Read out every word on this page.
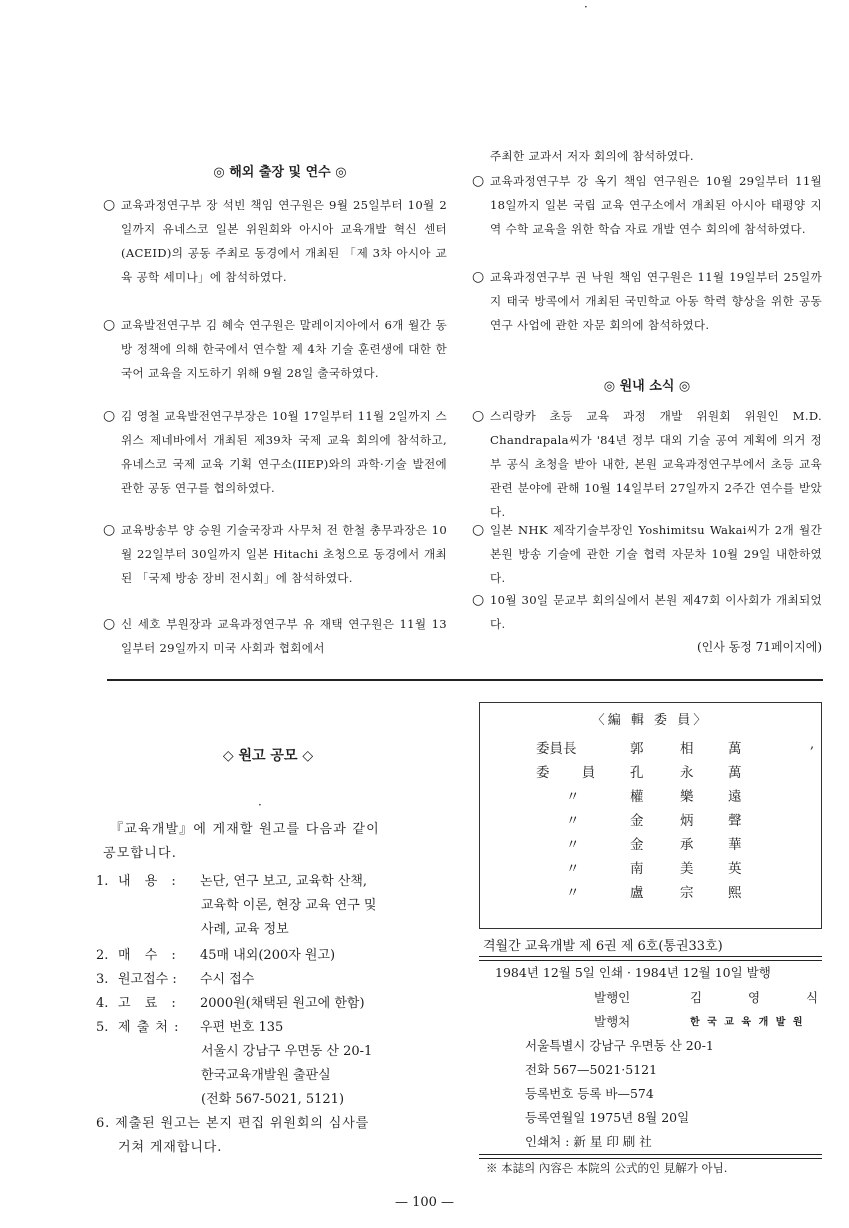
·
◎ 해외 출장 및 연수 ◎
○ 교육과정연구부 장 석빈 책임 연구원은 9월 25일부터 10월 2일까지 유네스코 일본 위원회와 아시아 교육개발 혁신 센터 (ACEID)의 공동 주최로 동경에서 개최된 「제 3차 아시아 교육 공학 세미나」에 참석하였다.
○ 교육발전연구부 김 혜숙 연구원은 말레이지아에서 6개 월간 동방 정책에 의해 한국에서 연수할 제 4차 기술 훈련생에 대한 한국어 교육을 지도하기 위해 9월 28일 출국하였다.
○ 김 영철 교육발전연구부장은 10월 17일부터 11월 2일까지 스위스 제네바에서 개최된 제39차 국제 교육 회의에 참석하고, 유네스코 국제 교육 기획 연구소(IIEP)와의 과학·기술 발전에 관한 공동 연구를 협의하였다.
○ 교육방송부 양 승원 기술국장과 사무처 전 한철 총무과장은 10월 22일부터 30일까지 일본 Hitachi 초청으로 동경에서 개최된 「국제 방송 장비 전시회」에 참석하였다.
○ 신 세호 부원장과 교육과정연구부 유 재택 연구원은 11월 13일부터 29일까지 미국 사회과 협회에서
주최한 교과서 저자 회의에 참석하였다.
○ 교육과정연구부 강 옥기 책임 연구원은 10월 29일부터 11월 18일까지 일본 국립 교육 연구소에서 개최된 아시아 태평양 지역 수학 교육을 위한 학습 자료 개발 연수 회의에 참석하였다.
○ 교육과정연구부 권 낙원 책임 연구원은 11월 19일부터 25일까지 태국 방콕에서 개최된 국민학교 아동 학력 향상을 위한 공동 연구 사업에 관한 자문 회의에 참석하였다.
◎ 원내 소식 ◎
○ 스리랑카 초등 교육 과정 개발 위원회 위원인 M.D. Chandrapala씨가 '84년 정부 대외 기술 공여 계획에 의거 정부 공식 초청을 받아 내한, 본원 교육과정연구부에서 초등 교육 관련 분야에 관해 10월 14일부터 27일까지 2주간 연수를 받았다.
○ 일본 NHK 제작기술부장인 Yoshimitsu Wakai씨가 2개 월간 본원 방송 기술에 관한 기술 협력 자문차 10월 29일 내한하였다.
○ 10월 30일 문교부 회의실에서 본원 제47회 이사회가 개최되었다.
(인사 동정 71페이지에)
◇ 원고 공모 ◇
·
『교육개발』에 게재할 원고를 다음과 같이
공모합니다.
1. 내 용 : 논단, 연구 보고, 교육학 산책,
교육학 이론, 현장 교육 연구 및
사례, 교육 정보
2. 매 수 : 45매 내외(200자 원고)
3. 원고접수 : 수시 접수
4. 고 료 : 2000원(채택된 원고에 한함)
5. 제 출 처 : 우편 번호 135
서울시 강남구 우면동 산 20-1
한국교육개발원 출판실
(전화 567-5021, 5121)
6. 제출된 원고는 본지 편집 위원회의 심사를
거쳐 게재합니다.
〈編 輯 委 員〉
,
委員長	郭	相	萬
委 員 孔	永	萬
〃	權	樂	遠
〃	金	炳	聲
〃	金	承	華
〃	南	美	英
〃	盧	宗	熙
격월간 교육개발 제 6권 제 6호(통권33호)
1984년 12월 5일 인쇄 · 1984년 12월 10일 발행
발행인	김	영	식
발행처	한 국 교 육 개 발 원
서울특별시 강남구 우면동 산 20-1
전화 567—5021·5121
등록번호 등록 바—574
등록연월일 1975년 8월 20일
인쇄처 : 新 星 印 刷 社
※ 本誌의 內容은 本院의 公式的인 見解가 아님.
— 100 —
